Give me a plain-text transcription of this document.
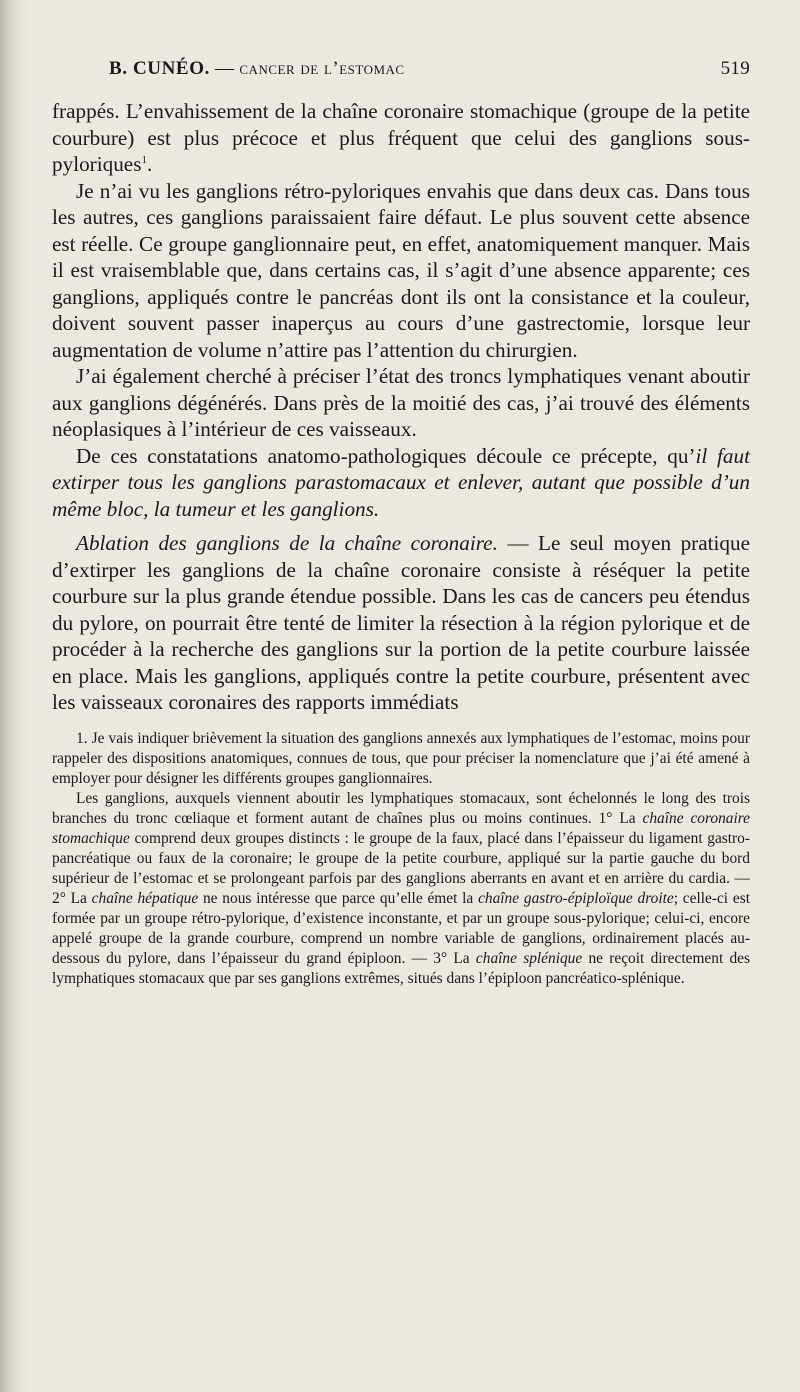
B. CUNÉO. — cancer de l’estomac	519

frappés. L’envahissement de la chaîne coronaire stomachique (groupe de la petite courbure) est plus précoce et plus fréquent que celui des ganglions sous-pyloriques$^1$.

Je n’ai vu les ganglions rétro-pyloriques envahis que dans deux cas. Dans tous les autres, ces ganglions paraissaient faire défaut. Le plus souvent cette absence est réelle. Ce groupe ganglionnaire peut, en effet, anatomiquement manquer. Mais il est vraisemblable que, dans certains cas, il s’agit d’une absence apparente; ces ganglions, appliqués contre le pancréas dont ils ont la consistance et la couleur, doivent souvent passer inaperçus au cours d’une gastrectomie, lorsque leur augmentation de volume n’attire pas l’attention du chirurgien.

J’ai également cherché à préciser l’état des troncs lymphatiques venant aboutir aux ganglions dégénérés. Dans près de la moitié des cas, j’ai trouvé des éléments néoplasiques à l’intérieur de ces vaisseaux.

De ces constatations anatomo-pathologiques découle ce précepte, qu’il faut extirper tous les ganglions parastomacaux et enlever, autant que possible d’un même bloc, la tumeur et les ganglions.

Ablation des ganglions de la chaîne coronaire. — Le seul moyen pratique d’extirper les ganglions de la chaîne coronaire consiste à réséquer la petite courbure sur la plus grande étendue possible. Dans les cas de cancers peu étendus du pylore, on pourrait être tenté de limiter la résection à la région pylorique et de procéder à la recherche des ganglions sur la portion de la petite courbure laissée en place. Mais les ganglions, appliqués contre la petite courbure, présentent avec les vaisseaux coronaires des rapports immédiats

1. Je vais indiquer brièvement la situation des ganglions annexés aux lymphatiques de l’estomac, moins pour rappeler des dispositions anatomiques, connues de tous, que pour préciser la nomenclature que j’ai été amené à employer pour désigner les différents groupes ganglionnaires.

Les ganglions, auxquels viennent aboutir les lymphatiques stomacaux, sont échelonnés le long des trois branches du tronc cœliaque et forment autant de chaînes plus ou moins continues. 1° La chaîne coronaire stomachique comprend deux groupes distincts : le groupe de la faux, placé dans l’épaisseur du ligament gastro-pancréatique ou faux de la coronaire; le groupe de la petite courbure, appliqué sur la partie gauche du bord supérieur de l’estomac et se prolongeant parfois par des ganglions aberrants en avant et en arrière du cardia. — 2° La chaîne hépatique ne nous intéresse que parce qu’elle émet la chaîne gastro-épiploïque droite; celle-ci est formée par un groupe rétro-pylorique, d’existence inconstante, et par un groupe sous-pylorique; celui-ci, encore appelé groupe de la grande courbure, comprend un nombre variable de ganglions, ordinairement placés au-dessous du pylore, dans l’épaisseur du grand épiploon. — 3° La chaîne splénique ne reçoit directement des lymphatiques stomacaux que par ses ganglions extrêmes, situés dans l’épiploon pancréatico-splénique.
